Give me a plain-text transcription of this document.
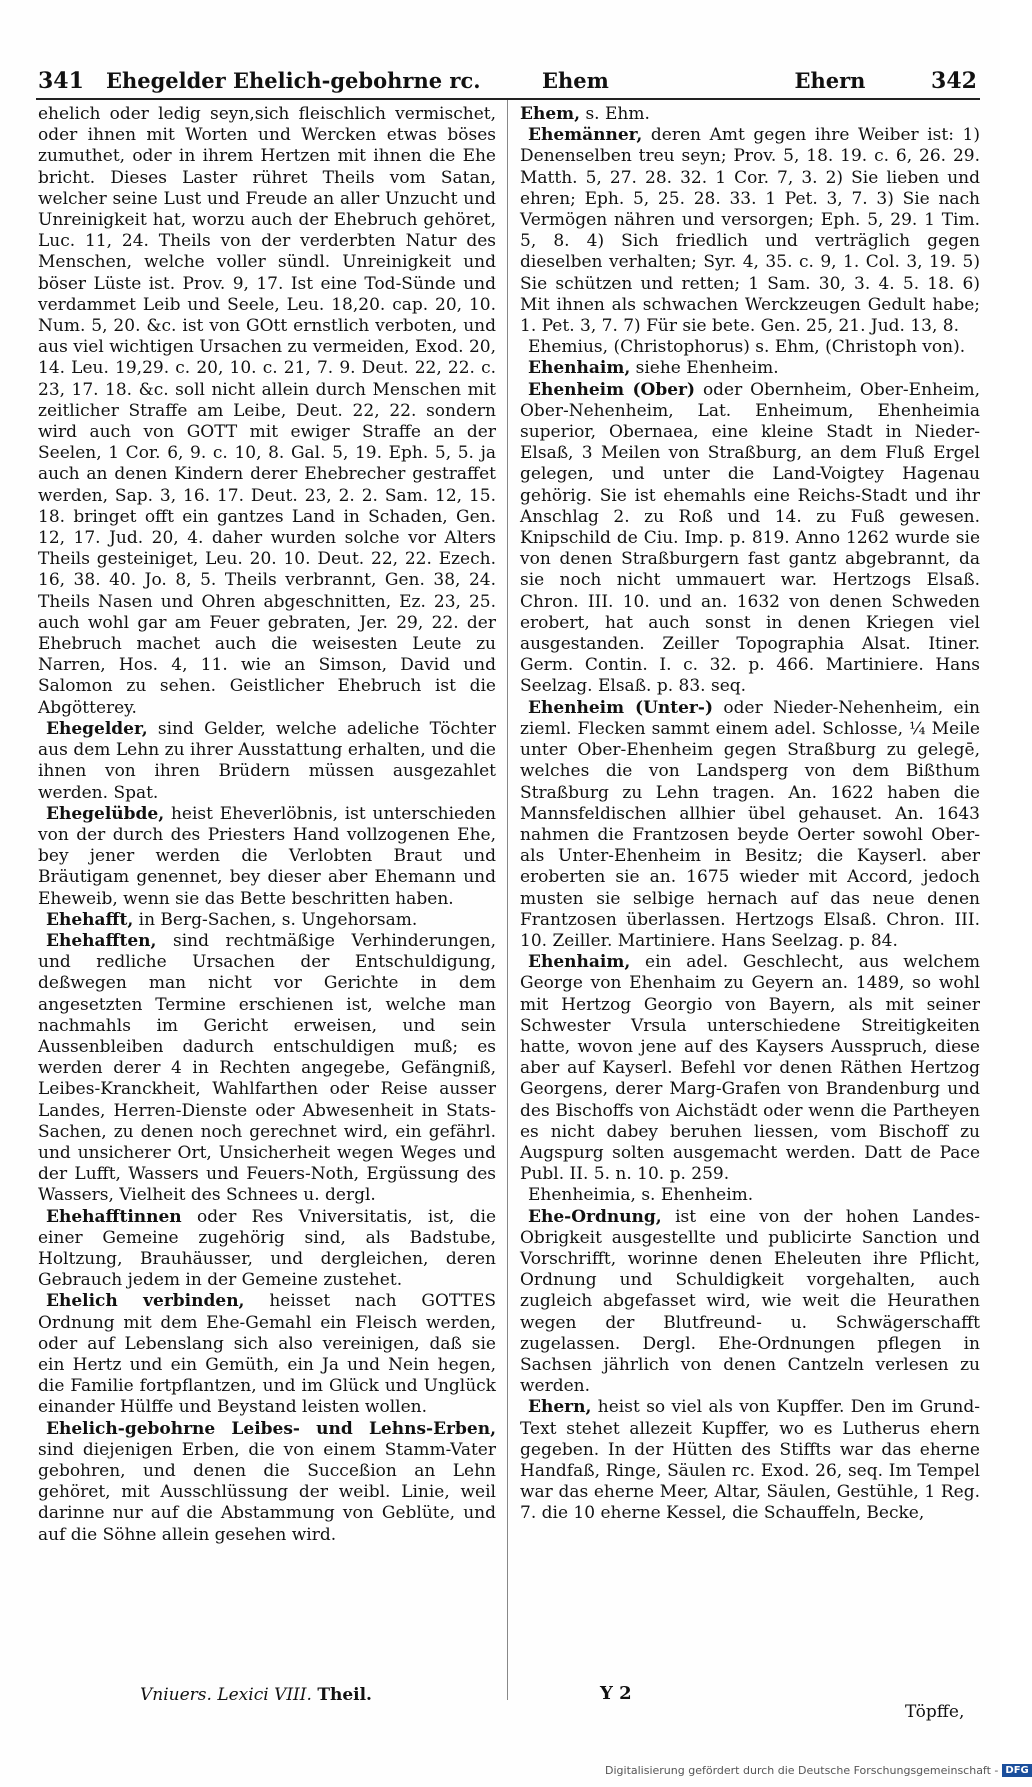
341 Ehegelder Ehelich-gebohrne rc.	Ehem	Ehern	342

ehelich oder ledig seyn,sich fleischlich vermischet, oder ihnen mit Worten und Wercken etwas böses zumuthet, oder in ihrem Hertzen mit ihnen die Ehe bricht. Dieses Laster rühret Theils vom Satan, welcher seine Lust und Freude an aller Unzucht und Unreinigkeit hat, worzu auch der Ehebruch gehöret, Luc. 11, 24. Theils von der verderbten Natur des Menschen, welche voller sündl. Unreinigkeit und böser Lüste ist. Prov. 9, 17. Ist eine Tod-Sünde und verdammet Leib und Seele, Leu. 18,20. cap. 20, 10. Num. 5, 20. &c. ist von GOtt ernstlich verboten, und aus viel wichtigen Ursachen zu vermeiden, Exod. 20, 14. Leu. 19,29. c. 20, 10. c. 21, 7. 9. Deut. 22, 22. c. 23, 17. 18. &c. soll nicht allein durch Menschen mit zeitlicher Straffe am Leibe, Deut. 22, 22. sondern wird auch von GOTT mit ewiger Straffe an der Seelen, 1 Cor. 6, 9. c. 10, 8. Gal. 5, 19. Eph. 5, 5. ja auch an denen Kindern derer Ehebrecher gestraffet werden, Sap. 3, 16. 17. Deut. 23, 2. 2. Sam. 12, 15. 18. bringet offt ein gantzes Land in Schaden, Gen. 12, 17. Jud. 20, 4. daher wurden solche vor Alters Theils gesteiniget, Leu. 20. 10. Deut. 22, 22. Ezech. 16, 38. 40. Jo. 8, 5. Theils verbrannt, Gen. 38, 24. Theils Nasen und Ohren abgeschnitten, Ez. 23, 25. auch wohl gar am Feuer gebraten, Jer. 29, 22. der Ehebruch machet auch die weisesten Leute zu Narren, Hos. 4, 11. wie an Simson, David und Salomon zu sehen. Geistlicher Ehebruch ist die Abgötterey.

Ehegelder, sind Gelder, welche adeliche Töchter aus dem Lehn zu ihrer Ausstattung erhalten, und die ihnen von ihren Brüdern müssen ausgezahlet werden. Spat.

Ehegelübde, heist Eheverlöbnis, ist unterschieden von der durch des Priesters Hand vollzogenen Ehe, bey jener werden die Verlobten Braut und Bräutigam genennet, bey dieser aber Ehemann und Eheweib, wenn sie das Bette beschritten haben.

Ehehafft, in Berg-Sachen, s. Ungehorsam.

Ehehafften, sind rechtmäßige Verhinderungen, und redliche Ursachen der Entschuldigung, deßwegen man nicht vor Gerichte in dem angesetzten Termine erschienen ist, welche man nachmahls im Gericht erweisen, und sein Aussenbleiben dadurch entschuldigen muß; es werden derer 4 in Rechten angegebe, Gefängniß, Leibes-Kranckheit, Wahlfarthen oder Reise ausser Landes, Herren-Dienste oder Abwesenheit in Stats-Sachen, zu denen noch gerechnet wird, ein gefährl. und unsicherer Ort, Unsicherheit wegen Weges und der Lufft, Wassers und Feuers-Noth, Ergüssung des Wassers, Vielheit des Schnees u. dergl.

Ehehafftinnen oder Res Vniversitatis, ist, die einer Gemeine zugehörig sind, als Badstube, Holtzung, Brauhäusser, und dergleichen, deren Gebrauch jedem in der Gemeine zustehet.

Ehelich verbinden, heisset nach GOTTES Ordnung mit dem Ehe-Gemahl ein Fleisch werden, oder auf Lebenslang sich also vereinigen, daß sie ein Hertz und ein Gemüth, ein Ja und Nein hegen, die Familie fortpflantzen, und im Glück und Unglück einander Hülffe und Beystand leisten wollen.

Ehelich-gebohrne Leibes- und Lehns-Erben, sind diejenigen Erben, die von einem Stamm-Vater gebohren, und denen die Succeßion an Lehn gehöret, mit Ausschlüssung der weibl. Linie, weil darinne nur auf die Abstammung von Geblüte, und auf die Söhne allein gesehen wird.

Ehem, s. Ehm.

Ehemänner, deren Amt gegen ihre Weiber ist: 1) Denenselben treu seyn; Prov. 5, 18. 19. c. 6, 26. 29. Matth. 5, 27. 28. 32. 1 Cor. 7, 3. 2) Sie lieben und ehren; Eph. 5, 25. 28. 33. 1 Pet. 3, 7. 3) Sie nach Vermögen nähren und versorgen; Eph. 5, 29. 1 Tim. 5, 8. 4) Sich friedlich und verträglich gegen dieselben verhalten; Syr. 4, 35. c. 9, 1. Col. 3, 19. 5) Sie schützen und retten; 1 Sam. 30, 3. 4. 5. 18. 6) Mit ihnen als schwachen Werckzeugen Gedult habe; 1. Pet. 3, 7. 7) Für sie bete. Gen. 25, 21. Jud. 13, 8.

Ehemius, (Christophorus) s. Ehm, (Christoph von).

Ehenhaim, siehe Ehenheim.

Ehenheim (Ober) oder Obernheim, Ober-Enheim, Ober-Nehenheim, Lat. Enheimum, Ehenheimia superior, Obernaea, eine kleine Stadt in Nieder-Elsaß, 3 Meilen von Straßburg, an dem Fluß Ergel gelegen, und unter die Land-Voigtey Hagenau gehörig. Sie ist ehemahls eine Reichs-Stadt und ihr Anschlag 2. zu Roß und 14. zu Fuß gewesen. Knipschild de Ciu. Imp. p. 819. Anno 1262 wurde sie von denen Straßburgern fast gantz abgebrannt, da sie noch nicht ummauert war. Hertzogs Elsaß. Chron. III. 10. und an. 1632 von denen Schweden erobert, hat auch sonst in denen Kriegen viel ausgestanden. Zeiller Topographia Alsat. Itiner. Germ. Contin. I. c. 32. p. 466. Martiniere. Hans Seelzag. Elsaß. p. 83. seq.

Ehenheim (Unter-) oder Nieder-Nehenheim, ein zieml. Flecken sammt einem adel. Schlosse, ¼ Meile unter Ober-Ehenheim gegen Straßburg zu gelegē, welches die von Landsperg von dem Bißthum Straßburg zu Lehn tragen. An. 1622 haben die Mannsfeldischen allhier übel gehauset. An. 1643 nahmen die Frantzosen beyde Oerter sowohl Ober- als Unter-Ehenheim in Besitz; die Kayserl. aber eroberten sie an. 1675 wieder mit Accord, jedoch musten sie selbige hernach auf das neue denen Frantzosen überlassen. Hertzogs Elsaß. Chron. III. 10. Zeiller. Martiniere. Hans Seelzag. p. 84.

Ehenhaim, ein adel. Geschlecht, aus welchem George von Ehenhaim zu Geyern an. 1489, so wohl mit Hertzog Georgio von Bayern, als mit seiner Schwester Vrsula unterschiedene Streitigkeiten hatte, wovon jene auf des Kaysers Ausspruch, diese aber auf Kayserl. Befehl vor denen Räthen Hertzog Georgens, derer Marg-Grafen von Brandenburg und des Bischoffs von Aichstädt oder wenn die Partheyen es nicht dabey beruhen liessen, vom Bischoff zu Augspurg solten ausgemacht werden. Datt de Pace Publ. II. 5. n. 10. p. 259.

Ehenheimia, s. Ehenheim.

Ehe-Ordnung, ist eine von der hohen Landes-Obrigkeit ausgestellte und publicirte Sanction und Vorschrifft, worinne denen Eheleuten ihre Pflicht, Ordnung und Schuldigkeit vorgehalten, auch zugleich abgefasset wird, wie weit die Heurathen wegen der Blutfreund- u. Schwägerschafft zugelassen. Dergl. Ehe-Ordnungen pflegen in Sachsen jährlich von denen Cantzeln verlesen zu werden.

Ehern, heist so viel als von Kupffer. Den im Grund-Text stehet allezeit Kupffer, wo es Lutherus ehern gegeben. In der Hütten des Stiffts war das eherne Handfaß, Ringe, Säulen rc. Exod. 26, seq. Im Tempel war das eherne Meer, Altar, Säulen, Gestühle, 1 Reg. 7. die 10 eherne Kessel, die Schauffeln, Becke,

Vniuers. Lexici VIII. Theil.	Y 2
Töpffe,
Digitalisierung gefördert durch die Deutsche Forschungsgemeinschaft - DFG
